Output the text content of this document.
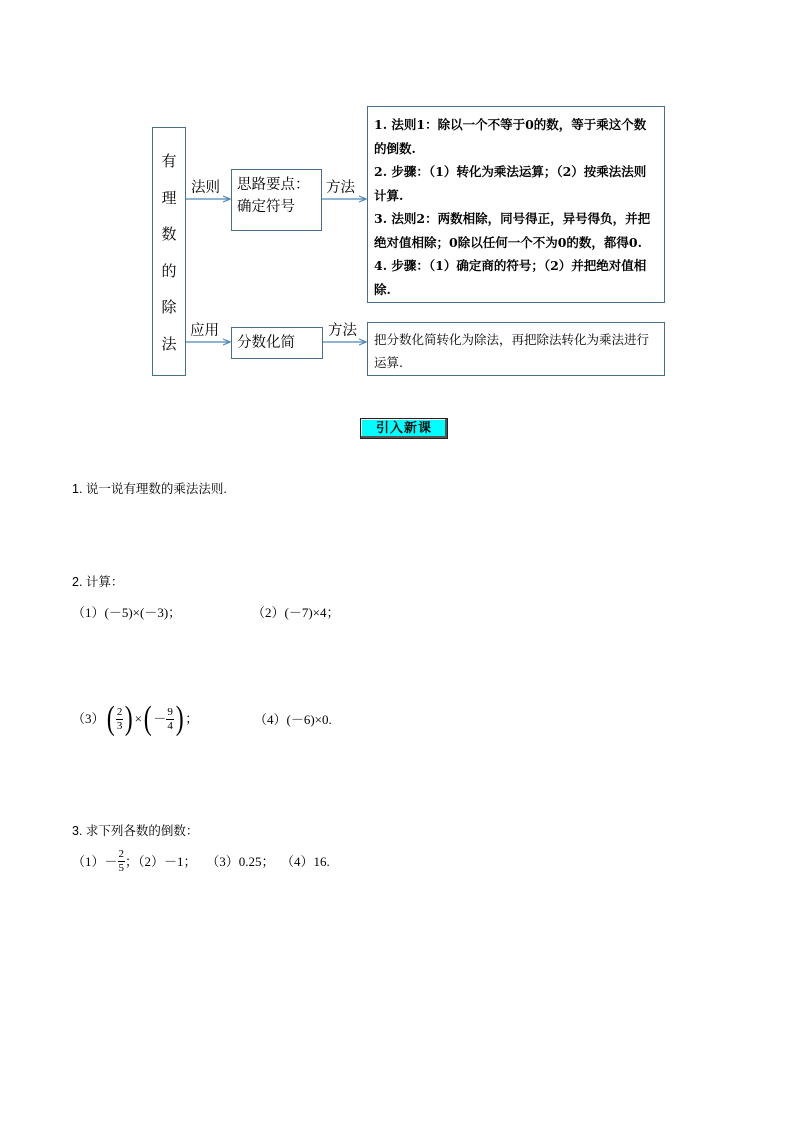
有
理
数
的
除
法
法则
应用
方法
方法
思路要点：
确定符号
分数化简

1. 法则1：除以一个不等于0的数，等于乘这个数的倒数.

2. 步骤：（1）转化为乘法运算；（2）按乘法法则计算.

3. 法则2：两数相除，同号得正，异号得负，并把绝对值相除；0除以任何一个不为0的数，都得0.

4. 步骤：（1）确定商的符号；（2）并把绝对值相除.

把分数化简转化为除法，再把除法转化为乘法进行运算.
引入新课
1. 说一说有理数的乘法法则.
2. 计算：
（1）(－5)×(－3)；	（2）(－7)×4；
（3） ( $\frac{2}{3}$ ) × ( － $\frac{9}{4}$ ) ；	（4）(－6)×0.
3. 求下列各数的倒数：
$(1)- \frac{2}{5}$ ；（2）－1；   （3）0.25；  （4）16.
